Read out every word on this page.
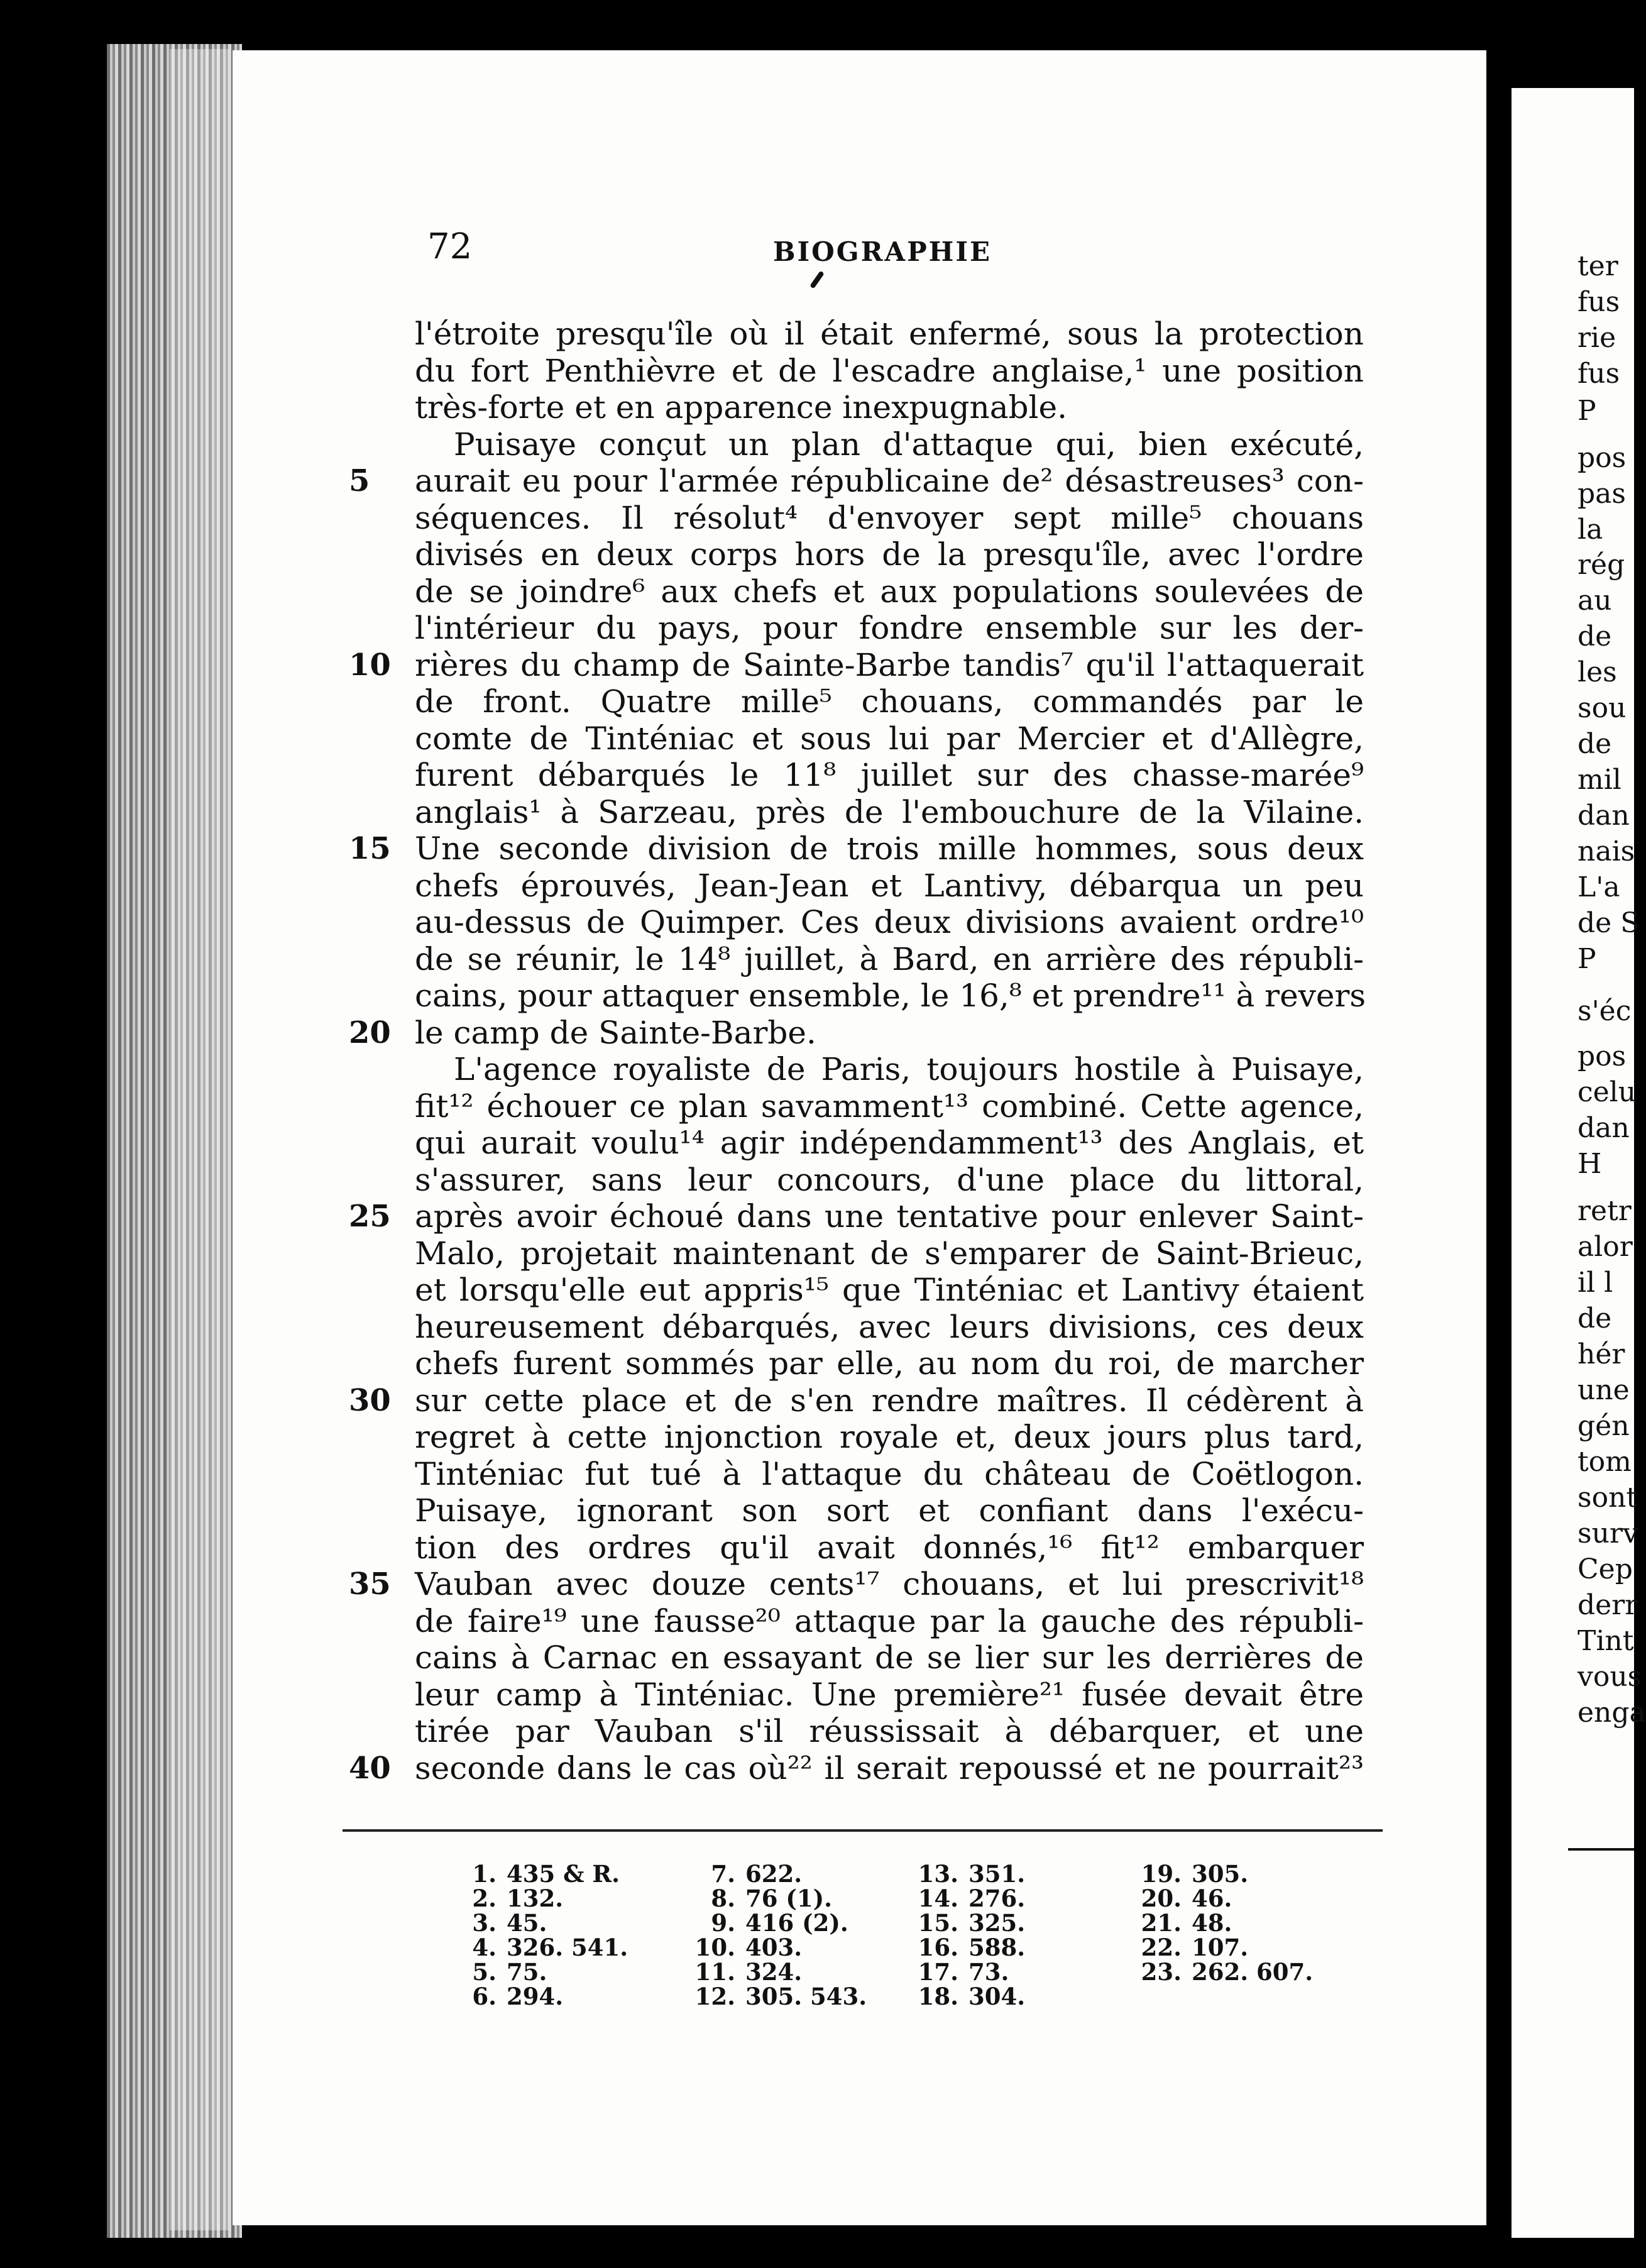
72	BIOGRAPHIE
l'étroite presqu'île où il était enfermé, sous la protection
du fort Penthièvre et de l'escadre anglaise,¹ une position
très-forte et en apparence inexpugnable.
Puisaye conçut un plan d'attaque qui, bien exécuté,
aurait eu pour l'armée républicaine de² désastreuses³ con-
5
séquences. Il résolut⁴ d'envoyer sept mille⁵ chouans
divisés en deux corps hors de la presqu'île, avec l'ordre
de se joindre⁶ aux chefs et aux populations soulevées de
l'intérieur du pays, pour fondre ensemble sur les der-
rières du champ de Sainte-Barbe tandis⁷ qu'il l'attaquerait
10
de front. Quatre mille⁵ chouans, commandés par le
comte de Tinténiac et sous lui par Mercier et d'Allègre,
furent débarqués le 11⁸ juillet sur des chasse-marée⁹
anglais¹ à Sarzeau, près de l'embouchure de la Vilaine.
Une seconde division de trois mille hommes, sous deux
15
chefs éprouvés, Jean-Jean et Lantivy, débarqua un peu
au-dessus de Quimper. Ces deux divisions avaient ordre¹⁰
de se réunir, le 14⁸ juillet, à Bard, en arrière des républi-
cains, pour attaquer ensemble, le 16,⁸ et prendre¹¹ à revers
le camp de Sainte-Barbe.
20
L'agence royaliste de Paris, toujours hostile à Puisaye,
fit¹² échouer ce plan savamment¹³ combiné. Cette agence,
qui aurait voulu¹⁴ agir indépendamment¹³ des Anglais, et
s'assurer, sans leur concours, d'une place du littoral,
après avoir échoué dans une tentative pour enlever Saint-
25
Malo, projetait maintenant de s'emparer de Saint-Brieuc,
et lorsqu'elle eut appris¹⁵ que Tinténiac et Lantivy étaient
heureusement débarqués, avec leurs divisions, ces deux
chefs furent sommés par elle, au nom du roi, de marcher
sur cette place et de s'en rendre maîtres. Il cédèrent à
30
regret à cette injonction royale et, deux jours plus tard,
Tinténiac fut tué à l'attaque du château de Coëtlogon.
Puisaye, ignorant son sort et confiant dans l'exécu-
tion des ordres qu'il avait donnés,¹⁶ fit¹² embarquer
Vauban avec douze cents¹⁷ chouans, et lui prescrivit¹⁸
35
de faire¹⁹ une fausse²⁰ attaque par la gauche des républi-
cains à Carnac en essayant de se lier sur les derrières de
leur camp à Tinténiac. Une première²¹ fusée devait être
tirée par Vauban s'il réussissait à débarquer, et une
seconde dans le cas où²² il serait repoussé et ne pourrait²³
40
1. 435 & R.
2. 132.
3. 45.
4. 326. 541.
5. 75.
6. 294.
7. 622.
8. 76 (1).
9. 416 (2).
10. 403.
11. 324.
12. 305. 543.
13. 351.
14. 276.
15. 325.
16. 588.
17. 73.
18. 304.
19. 305.
20. 46.
21. 48.
22. 107.
23. 262. 607.
ter
fus
rie
fus
P
pos
pas
la
rég
au
de
les
sou
de
mil
dan
nais
L'a
de S
P
s'éc
pos
celu
dan
H
retr
alor
il l
de
hér
une
gén
tom
sont
surv
Cep
derr
Tint
vous
enga
